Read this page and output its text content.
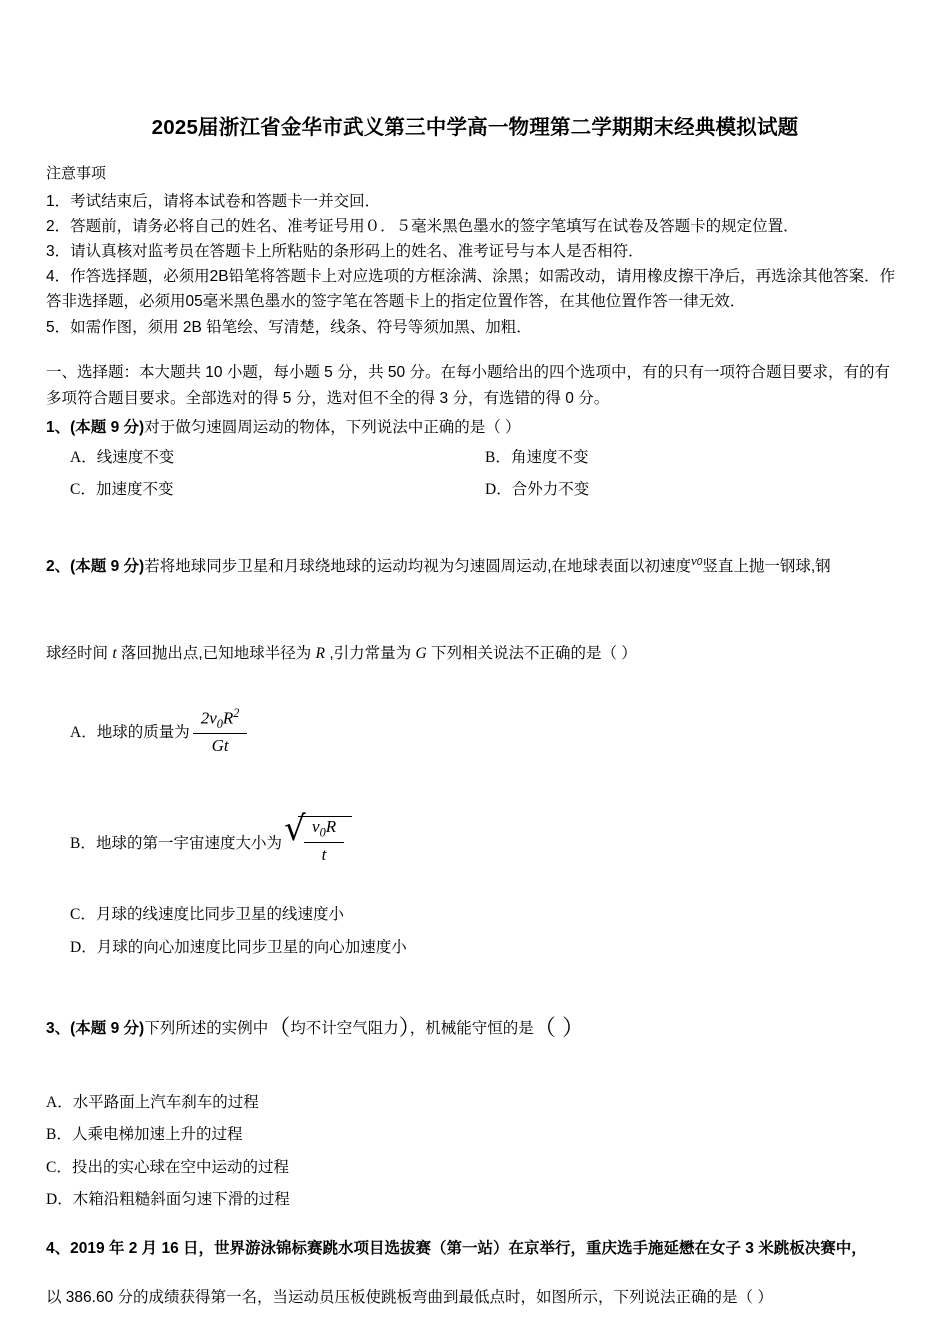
2025届浙江省金华市武义第三中学高一物理第二学期期末经典模拟试题
注意事项

1．考试结束后，请将本试卷和答题卡一并交回．

2．答题前，请务必将自己的姓名、准考证号用０．５毫米黑色墨水的签字笔填写在试卷及答题卡的规定位置．

3．请认真核对监考员在答题卡上所粘贴的条形码上的姓名、准考证号与本人是否相符．

4．作答选择题，必须用2B铅笔将答题卡上对应选项的方框涂满、涂黑；如需改动，请用橡皮擦干净后，再选涂其他答案．作答非选择题，必须用05毫米黑色墨水的签字笔在答题卡上的指定位置作答，在其他位置作答一律无效．

5．如需作图，须用 2B 铅笔绘、写清楚，线条、符号等须加黑、加粗．

一、选择题：本大题共 10 小题，每小题 5 分，共 50 分。在每小题给出的四个选项中，有的只有一项符合题目要求，有的有多项符合题目要求。全部选对的得 5 分，选对但不全的得 3 分，有选错的得 0 分。

1、(本题 9 分)对于做匀速圆周运动的物体，下列说法中正确的是（ ）

A．线速度不变	B．角速度不变
C．加速度不变	D．合外力不变

2、(本题 9 分)若将地球同步卫星和月球绕地球的运动均视为匀速圆周运动,在地球表面以初速度$^{v0}$竖直上抛一钢球,钢

球经时间 t 落回抛出点,已知地球半径为 R ,引力常量为 G 下列相关说法不正确的是（ ）

A． 地球的质量为 $\frac{2v_0R^2}{Gt}$
B． 地球的第一宇宙速度大小为 √
$\frac{v_0R}{t}$
C．月球的线速度比同步卫星的线速度小
D．月球的向心加速度比同步卫星的向心加速度小

3、(本题 9 分)下列所述的实例中（均不计空气阻力），机械能守恒的是（ ）

A．水平路面上汽车刹车的过程
B．人乘电梯加速上升的过程
C．投出的实心球在空中运动的过程
D．木箱沿粗糙斜面匀速下滑的过程

4、2019 年 2 月 16 日，世界游泳锦标赛跳水项目选拔赛（第一站）在京举行，重庆选手施延懋在女子 3 米跳板决赛中，

以 386.60 分的成绩获得第一名，当运动员压板使跳板弯曲到最低点时，如图所示，下列说法正确的是（ ）
